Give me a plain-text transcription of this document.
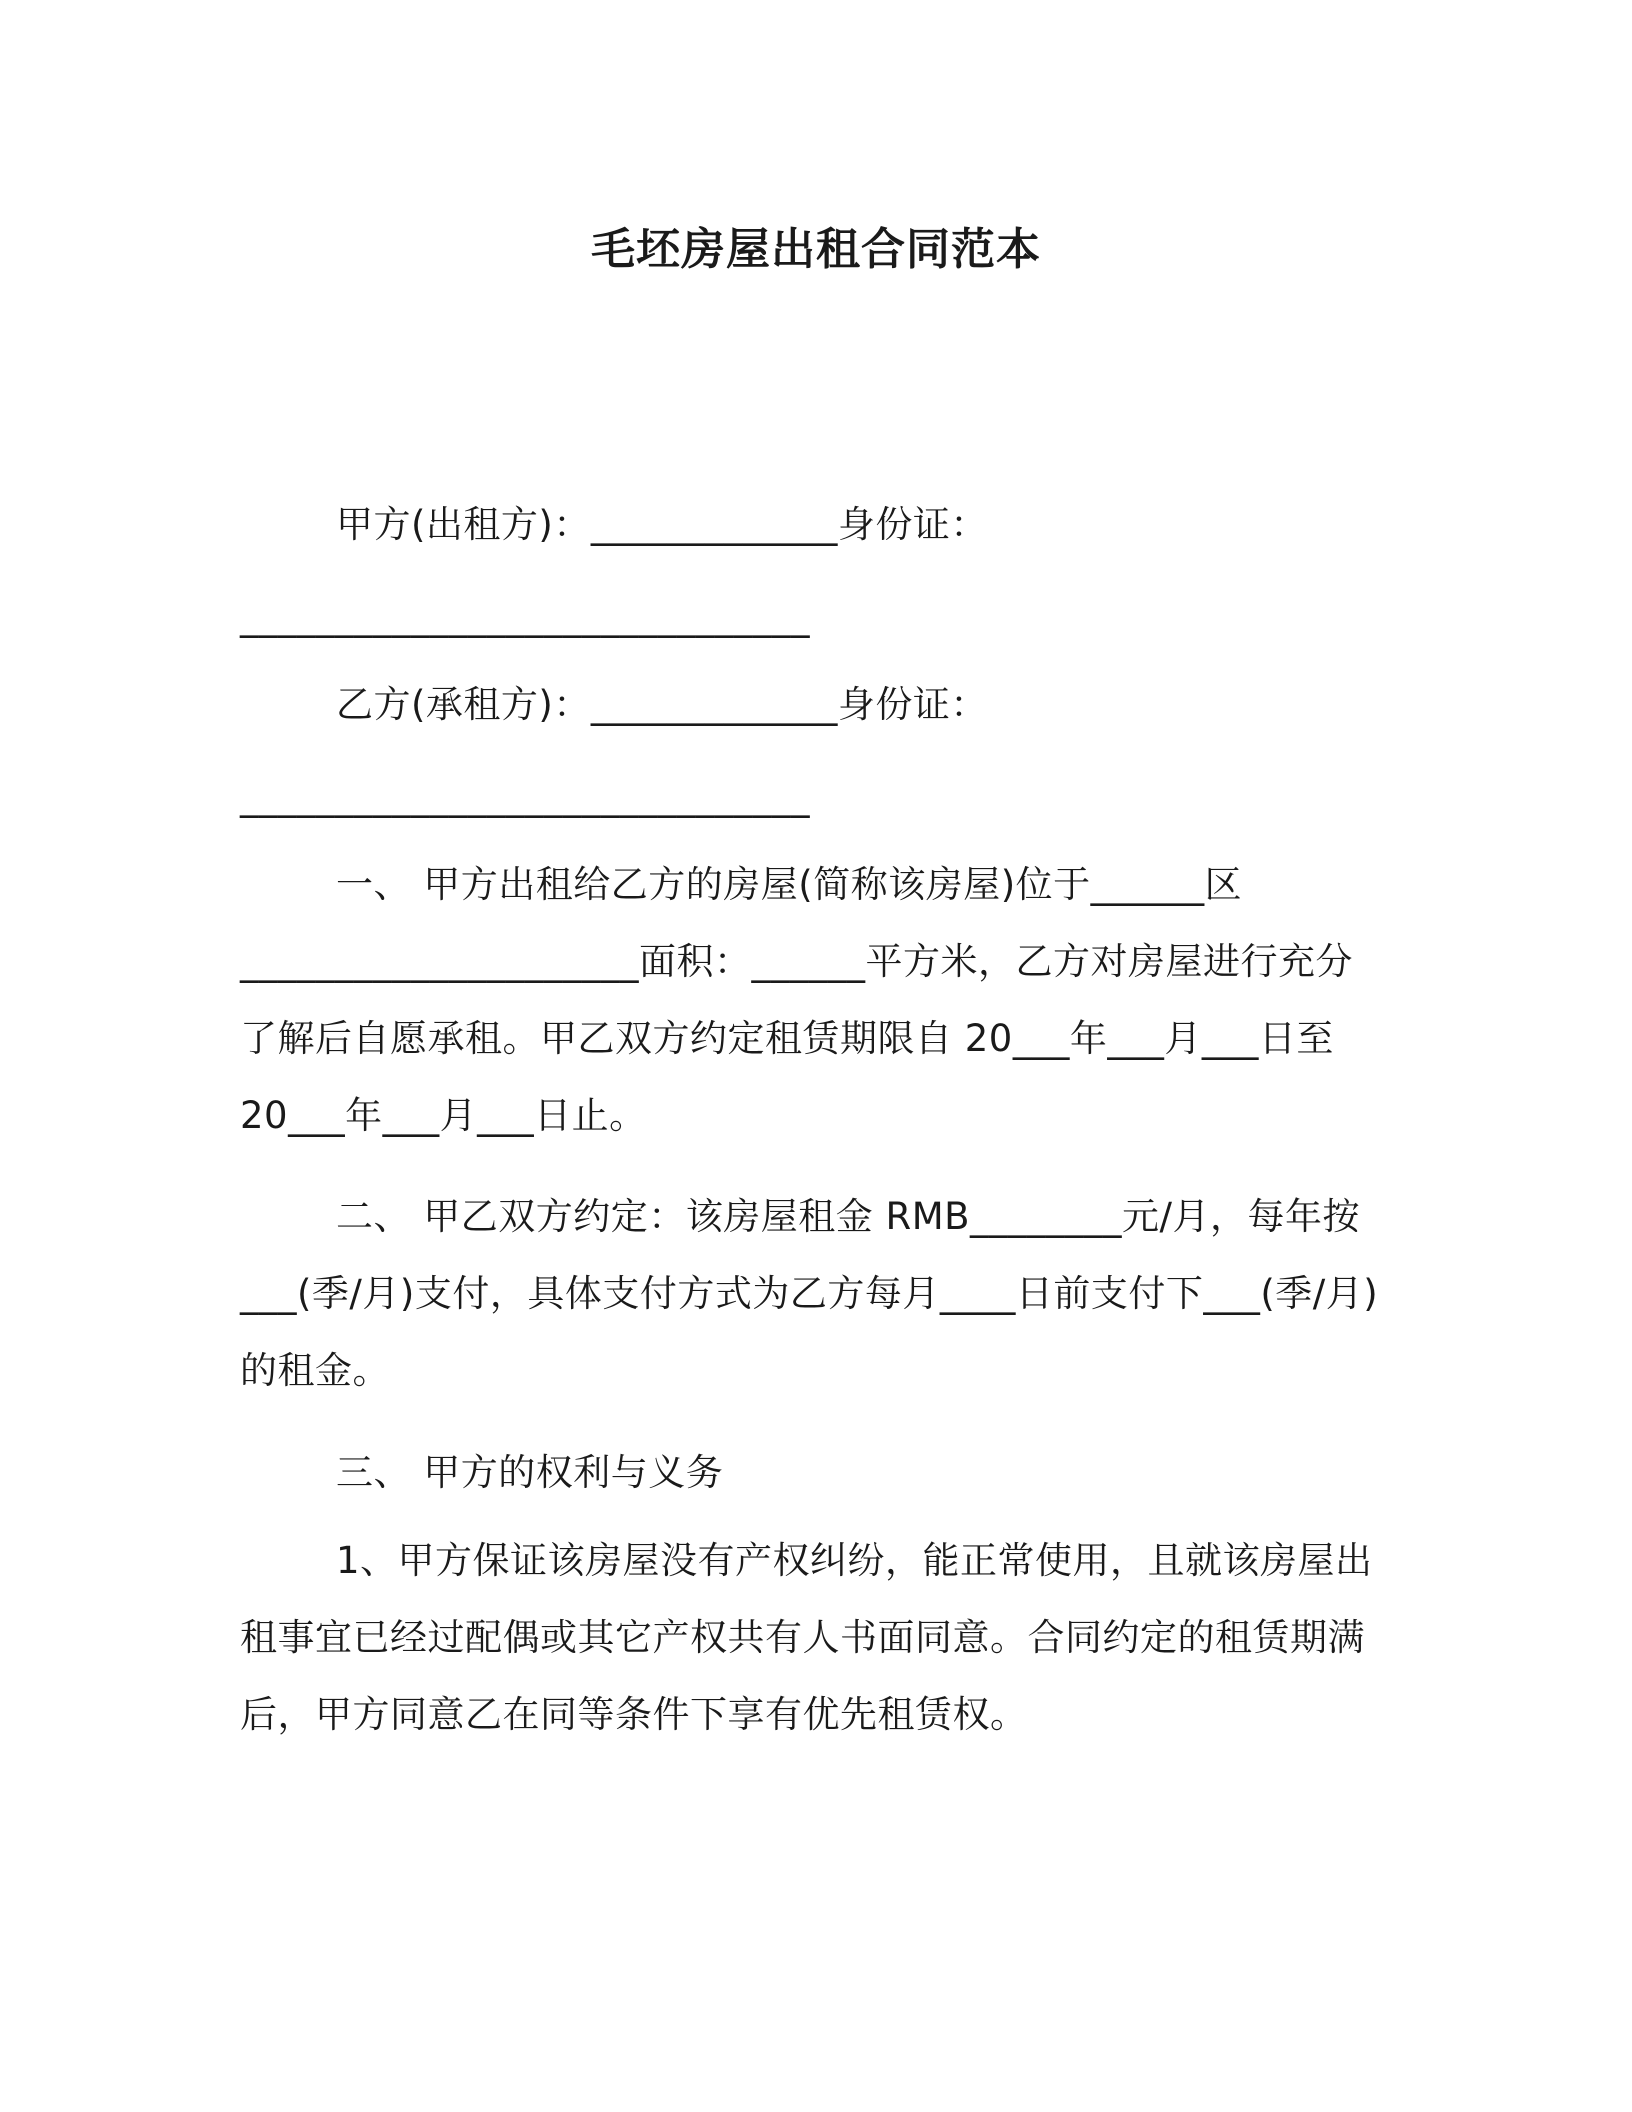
毛坯房屋出租合同范本
甲方(出租方)：_____________身份证：
______________________________
乙方(承租方)：_____________身份证：
______________________________
一、 甲方出租给乙方的房屋(简称该房屋)位于______区
_____________________面积：______平方米，乙方对房屋进行充分
了解后自愿承租。甲乙双方约定租赁期限自 20___年___月___日至
20___年___月___日止。
二、 甲乙双方约定：该房屋租金 RMB________元/月，每年按
___(季/月)支付，具体支付方式为乙方每月____日前支付下___(季/月)
的租金。
三、 甲方的权利与义务
1、甲方保证该房屋没有产权纠纷，能正常使用，且就该房屋出
租事宜已经过配偶或其它产权共有人书面同意。合同约定的租赁期满
后，甲方同意乙在同等条件下享有优先租赁权。
